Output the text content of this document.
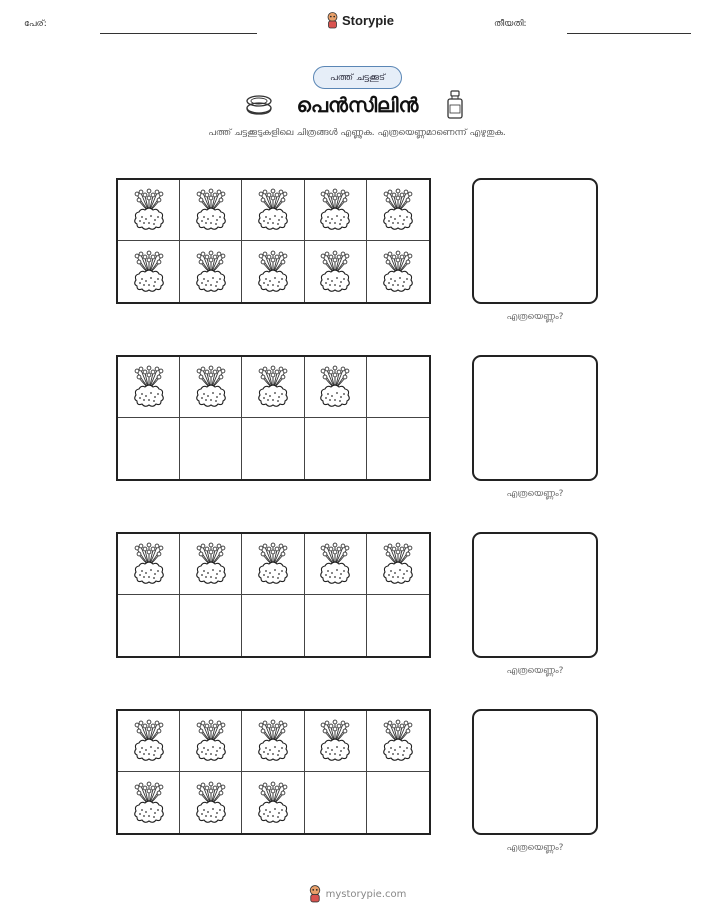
പേര്:	Storypie	തീയതി:
പത്ത് ചട്ടക്കൂട്
പെൻസിലിൻ

പത്ത് ചട്ടക്കൂടുകളിലെ ചിത്രങ്ങൾ എണ്ണുക. എത്രയെണ്ണമാണെന്ന് എഴുതുക.

എത്രയെണ്ണം?
എത്രയെണ്ണം?
എത്രയെണ്ണം?
എത്രയെണ്ണം?
mystorypie.com
